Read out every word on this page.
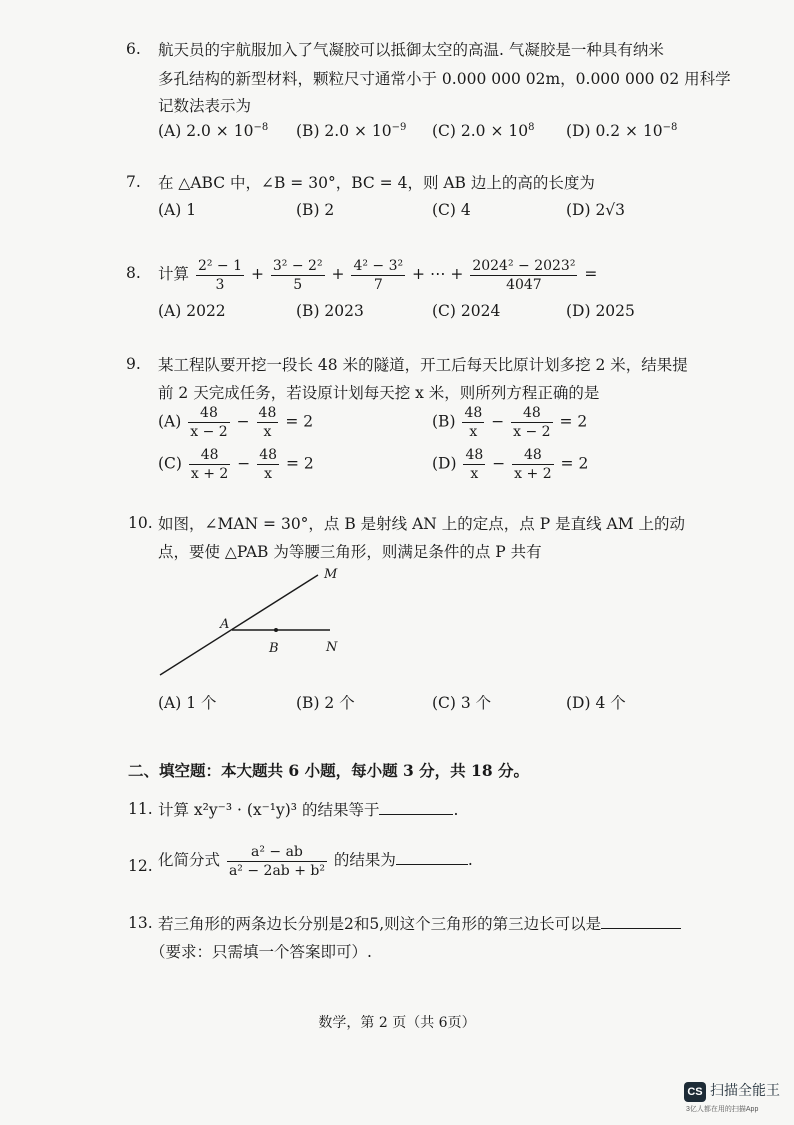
6. 航天员的宇航服加入了气凝胶可以抵御太空的高温. 气凝胶是一种具有纳米
多孔结构的新型材料，颗粒尺寸通常小于 0.000 000 02m，0.000 000 02 用科学
记数法表示为
(A) $2.0 \times 10^{-8}$ (B) $2.0 \times 10^{-9}$ (C) $2.0 \times 10^8$ (D) $0.2 \times 10^{-8}$
7. 在 △ABC 中，∠B = 30°，BC = 4，则 AB 边上的高的长度为
(A) 1	(B) 2	(C) 4	(D) 2√3
8. 计算 $\frac{\text{2² − 1}}{3} + \frac{\text{3² − 2²}}{5} + \frac{\text{4² − 3²}}{7}$ + ⋯ + $\frac{\text{2024² − 2023²}}{4047}$ =
(A) 2022	(B) 2023	(C) 2024	(D) 2025
9. 某工程队要开挖一段长 48 米的隧道，开工后每天比原计划多挖 2 米，结果提
前 2 天完成任务，若设原计划每天挖 x 米，则所列方程正确的是
$(A) \frac{48}{x - 2} - \frac{48}{x} = 2$	$(B) \frac{48}{x} - \frac{48}{x - 2} = 2$
$(C) \frac{48}{x + 2} - \frac{48}{x} = 2$	$(D) \frac{48}{x} - \frac{48}{x + 2} = 2$
10. 如图，∠MAN = 30°，点 B 是射线 AN 上的定点，点 P 是直线 AM 上的动
点，要使 △PAB 为等腰三角形，则满足条件的点 P 共有
M
A
B	N
(A) 1 个	(B) 2 个	(C) 3 个	(D) 4 个
二、填空题：本大题共 6 小题，每小题 3 分，共 18 分。
11. 计算 x²y⁻³ · (x⁻¹y)³ 的结果等于	.
12. 化简分式 $\frac{\text{a² − ab}}{\text{a² − 2ab + b²}}$ 的结果为	.
13. 若三角形的两条边长分别是2和5,则这个三角形的第三边长可以是
（要求：只需填一个答案即可）.
数学，第 2 页（共 6页）
CS 扫描全能王
3亿人都在用的扫描App
